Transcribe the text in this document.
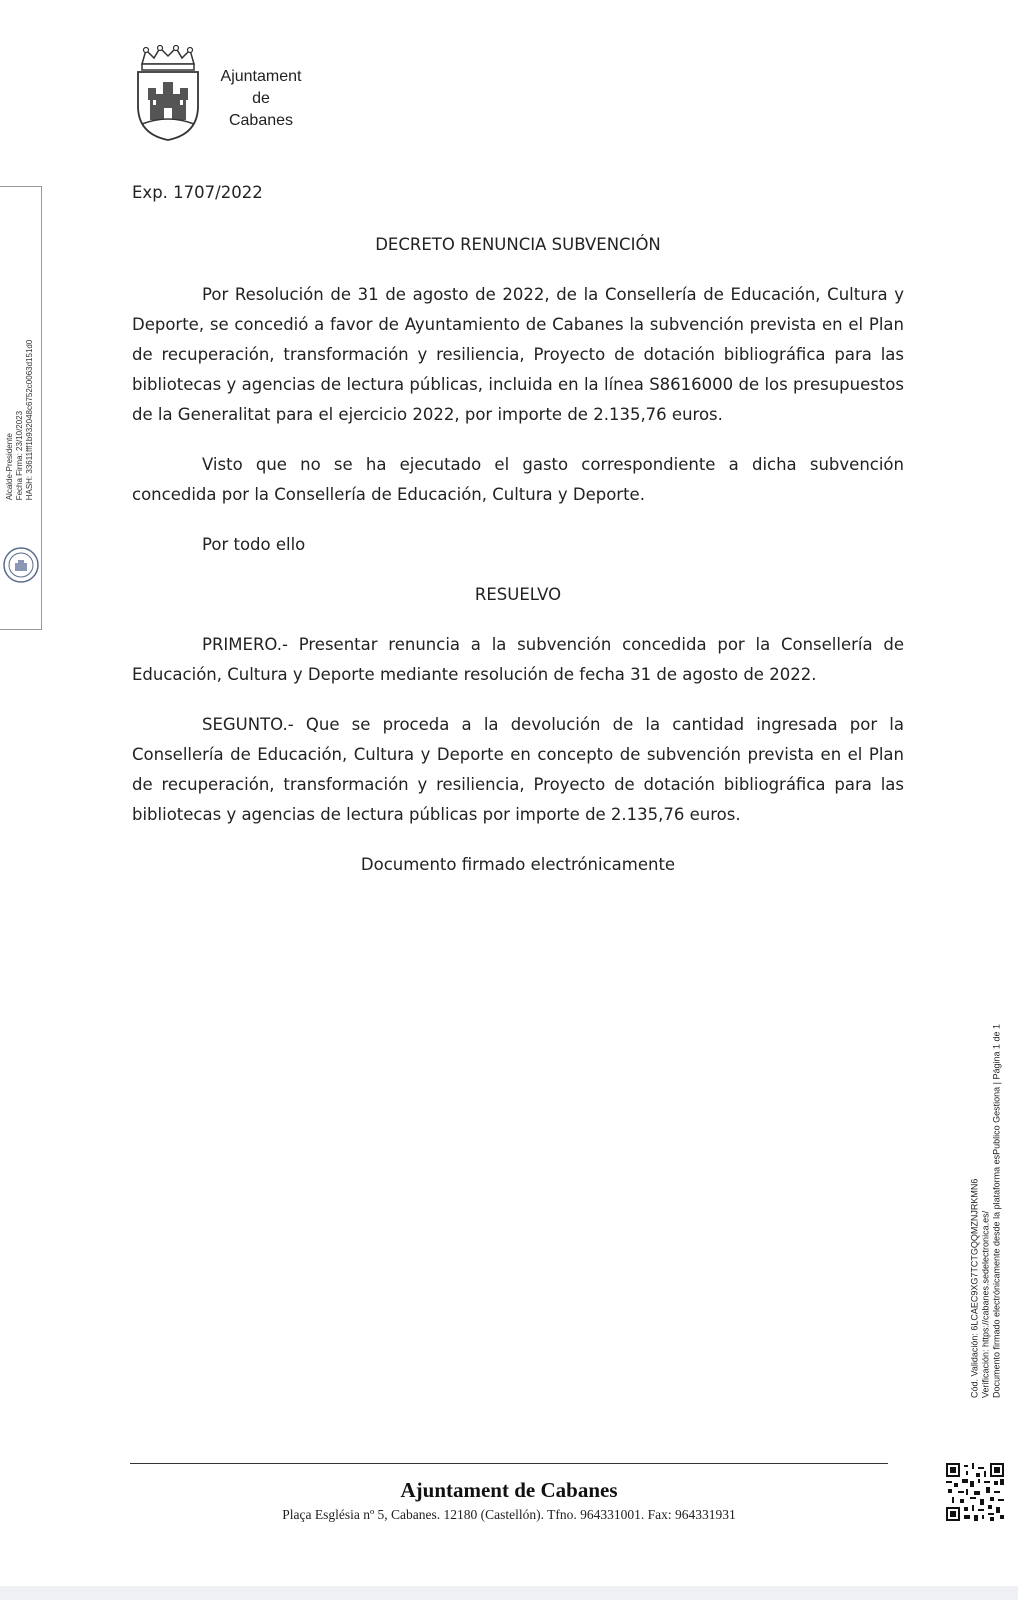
Ajuntament
de
Cabanes
Alcalde-Presidente Fecha Firma: 23/10/2023 HASH: 33611fff1b932048c6752c0063d151d0

Exp. 1707/2022

DECRETO RENUNCIA SUBVENCIÓN

Por Resolución de 31 de agosto de 2022, de la Consellería de Educación, Cultura y Deporte, se concedió a favor de Ayuntamiento de Cabanes la subvención prevista en el Plan de recuperación, transformación y resiliencia, Proyecto de dotación bibliográfica para las bibliotecas y agencias de lectura públicas, incluida en la línea S8616000 de los presupuestos de la Generalitat para el ejercicio 2022, por importe de 2.135,76 euros.

Visto que no se ha ejecutado el gasto correspondiente a dicha subvención concedida por la Consellería de Educación, Cultura y Deporte.

Por todo ello

RESUELVO

PRIMERO.- Presentar renuncia a la subvención concedida por la Consellería de Educación, Cultura y Deporte mediante resolución de fecha 31 de agosto de 2022.

SEGUNTO.- Que se proceda a la devolución de la cantidad ingresada por la Consellería de Educación, Cultura y Deporte en concepto de subvención prevista en el Plan de recuperación, transformación y resiliencia, Proyecto de dotación bibliográfica para las bibliotecas y agencias de lectura públicas por importe de 2.135,76 euros.

Documento firmado electrónicamente

Cód. Validación: 6LCAEC9XG7TCTGQQMZNJRKMN6 Verificación: https://cabanes.sedelectronica.es/ Documento firmado electrónicamente desde la plataforma esPublico Gestiona | Página 1 de 1
Ajuntament de Cabanes
Plaça Església nº 5, Cabanes. 12180 (Castellón). Tfno. 964331001. Fax: 964331931
